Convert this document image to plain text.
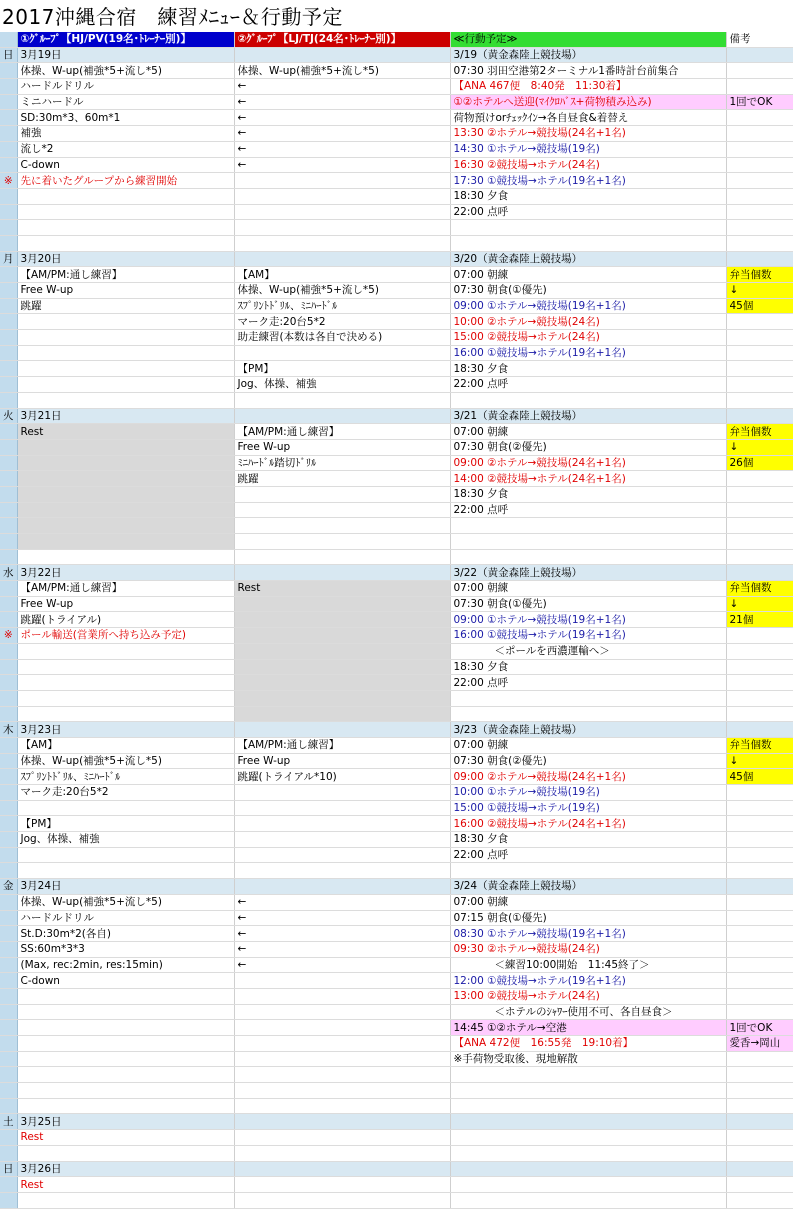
2017沖縄合宿　練習ﾒﾆｭｰ＆行動予定
	①ｸﾞﾙｰﾌﾟ【HJ/PV(19名･ﾄﾚｰﾅｰ別)】	②ｸﾞﾙｰﾌﾟ【LJ/TJ(24名･ﾄﾚｰﾅｰ別)】	≪行動予定≫	備考
日	3月19日		3/19（黄金森陸上競技場）	
	体操、W-up(補強*5+流し*5)	体操、W-up(補強*5+流し*5)	07:30 羽田空港第2ターミナル1番時計台前集合	
	ハードルドリル	←	【ANA 467便　8:40発　11:30着】	
	ミニハードル	←	①②ホテルへ送迎(ﾏｲｸﾛﾊﾞｽ+荷物積み込み)	1回でOK
	SD:30m*3、60m*1	←	荷物預けorﾁｪｯｸｲﾝ→各自昼食&着替え	
	補強	←	13:30 ②ホテル→競技場(24名+1名)	
	流し*2	←	14:30 ①ホテル→競技場(19名)	
	C-down	←	16:30 ②競技場→ホテル(24名)	
※	先に着いたグループから練習開始		17:30 ①競技場→ホテル(19名+1名)	
			18:30 夕食	
			22:00 点呼	

月	3月20日		3/20（黄金森陸上競技場）	
	【AM/PM:通し練習】	【AM】	07:00 朝練	弁当個数
	Free W-up	体操、W-up(補強*5+流し*5)	07:30 朝食(①優先)	↓
	跳躍	ｽﾌﾟﾘﾝﾄﾄﾞﾘﾙ、ﾐﾆﾊｰﾄﾞﾙ	09:00 ①ホテル→競技場(19名+1名)	45個
		マーク走:20台5*2	10:00 ②ホテル→競技場(24名)	
		助走練習(本数は各自で決める)	15:00 ②競技場→ホテル(24名)	
			16:00 ①競技場→ホテル(19名+1名)	
		【PM】	18:30 夕食	
		Jog、体操、補強	22:00 点呼	

火	3月21日		3/21（黄金森陸上競技場）	
	Rest	【AM/PM:通し練習】	07:00 朝練	弁当個数
		Free W-up	07:30 朝食(②優先)	↓
		ﾐﾆﾊｰﾄﾞﾙ踏切ﾄﾞﾘﾙ	09:00 ②ホテル→競技場(24名+1名)	26個
		跳躍	14:00 ②競技場→ホテル(24名+1名)	
			18:30 夕食	
			22:00 点呼	

水	3月22日		3/22（黄金森陸上競技場）	
	【AM/PM:通し練習】	Rest	07:00 朝練	弁当個数
	Free W-up		07:30 朝食(①優先)	↓
	跳躍(トライアル)		09:00 ①ホテル→競技場(19名+1名)	21個
※	ポール輸送(営業所へ持ち込み予定)		16:00 ①競技場→ホテル(19名+1名)	
			＜ポールを西濃運輸へ＞	
			18:30 夕食	
			22:00 点呼	

木	3月23日		3/23（黄金森陸上競技場）	
	【AM】	【AM/PM:通し練習】	07:00 朝練	弁当個数
	体操、W-up(補強*5+流し*5)	Free W-up	07:30 朝食(②優先)	↓
	ｽﾌﾟﾘﾝﾄﾄﾞﾘﾙ、ﾐﾆﾊｰﾄﾞﾙ	跳躍(トライアル*10)	09:00 ②ホテル→競技場(24名+1名)	45個
	マーク走:20台5*2		10:00 ①ホテル→競技場(19名)	
			15:00 ①競技場→ホテル(19名)	
	【PM】		16:00 ②競技場→ホテル(24名+1名)	
	Jog、体操、補強		18:30 夕食	
			22:00 点呼	

金	3月24日		3/24（黄金森陸上競技場）	
	体操、W-up(補強*5+流し*5)	←	07:00 朝練	
	ハードルドリル	←	07:15 朝食(①優先)	
	St.D:30m*2(各自)	←	08:30 ①ホテル→競技場(19名+1名)	
	SS:60m*3*3	←	09:30 ②ホテル→競技場(24名)	
	(Max, rec:2min, res:15min)	←	＜練習10:00開始　11:45終了＞	
	C-down		12:00 ①競技場→ホテル(19名+1名)	
			13:00 ②競技場→ホテル(24名)	
			＜ホテルのｼｬﾜｰ使用不可、各自昼食＞	
			14:45 ①②ホテル→空港	1回でOK
			【ANA 472便　16:55発　19:10着】	愛香→岡山
			※手荷物受取後、現地解散	

土	3月25日			
	Rest			

日	3月26日			
	Rest			
